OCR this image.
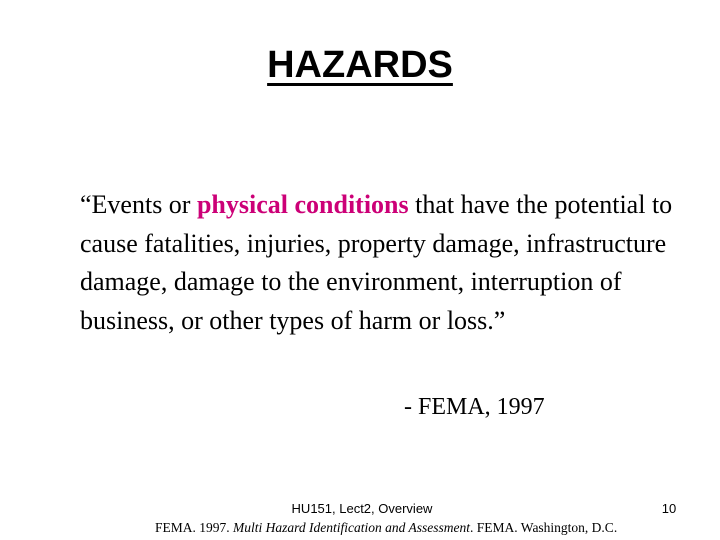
HAZARDS
“Events or physical conditions that have the potential to cause fatalities, injuries, property damage, infrastructure damage, damage to the environment, interruption of business, or other types of harm or loss.”
- FEMA, 1997
HU151, Lect2, Overview	10
FEMA. 1997. Multi Hazard Identification and Assessment. FEMA. Washington, D.C.
